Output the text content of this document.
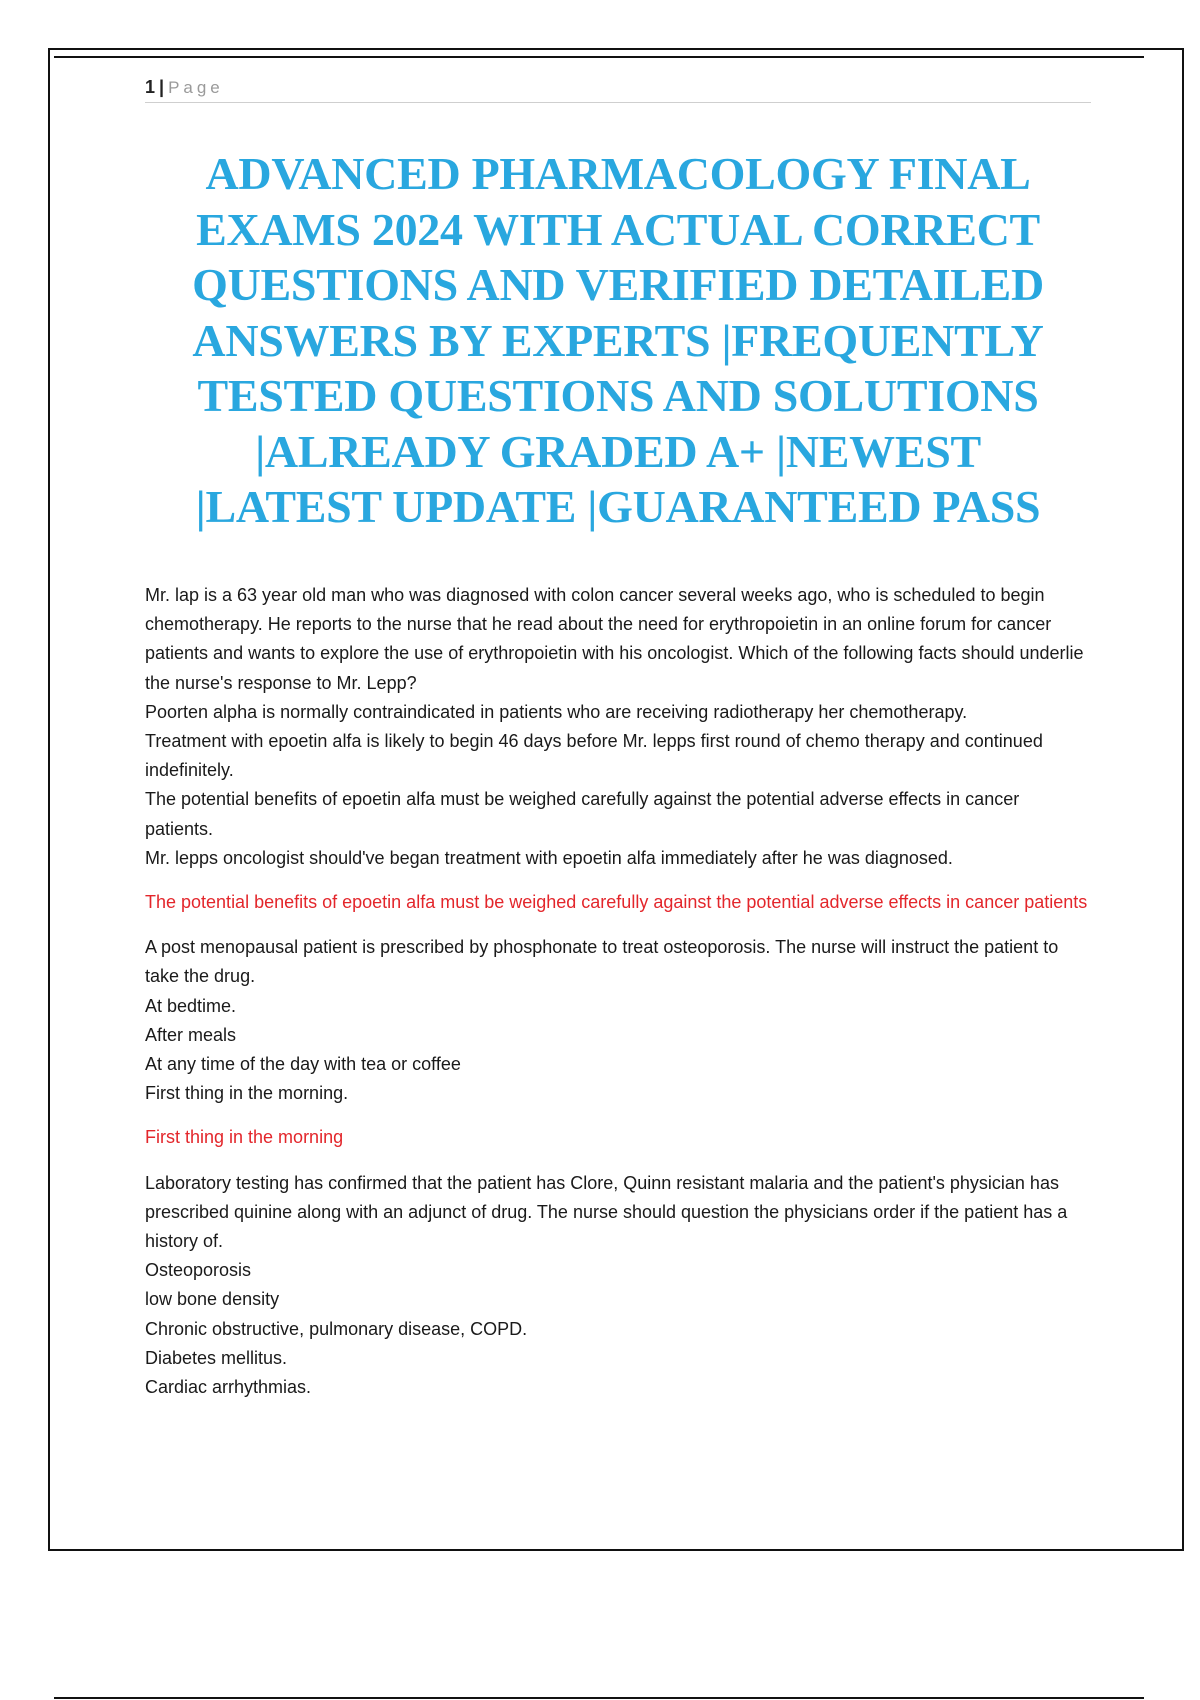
1 | Page
ADVANCED PHARMACOLOGY FINAL
EXAMS 2024 WITH ACTUAL CORRECT
QUESTIONS AND VERIFIED DETAILED
ANSWERS BY EXPERTS |FREQUENTLY
TESTED QUESTIONS AND SOLUTIONS
|ALREADY GRADED A+ |NEWEST
|LATEST UPDATE |GUARANTEED PASS

Mr. lap is a 63 year old man who was diagnosed with colon cancer several weeks ago, who is scheduled to begin chemotherapy. He reports to the nurse that he read about the need for erythropoietin in an online forum for cancer patients and wants to explore the use of erythropoietin with his oncologist. Which of the following facts should underlie the nurse's response to Mr. Lepp?

Poorten alpha is normally contraindicated in patients who are receiving radiotherapy her chemotherapy.

Treatment with epoetin alfa is likely to begin 46 days before Mr. lepps first round of chemo therapy and continued indefinitely.

The potential benefits of epoetin alfa must be weighed carefully against the potential adverse effects in cancer patients.

Mr. lepps oncologist should've began treatment with epoetin alfa immediately after he was diagnosed.

The potential benefits of epoetin alfa must be weighed carefully against the potential adverse effects in cancer patients

A post menopausal patient is prescribed by phosphonate to treat osteoporosis. The nurse will instruct the patient to take the drug.

At bedtime.

After meals

At any time of the day with tea or coffee

First thing in the morning.

First thing in the morning

Laboratory testing has confirmed that the patient has Clore, Quinn resistant malaria and the patient's physician has prescribed quinine along with an adjunct of drug. The nurse should question the physicians order if the patient has a history of.

Osteoporosis

low bone density

Chronic obstructive, pulmonary disease, COPD.

Diabetes mellitus.

Cardiac arrhythmias.
